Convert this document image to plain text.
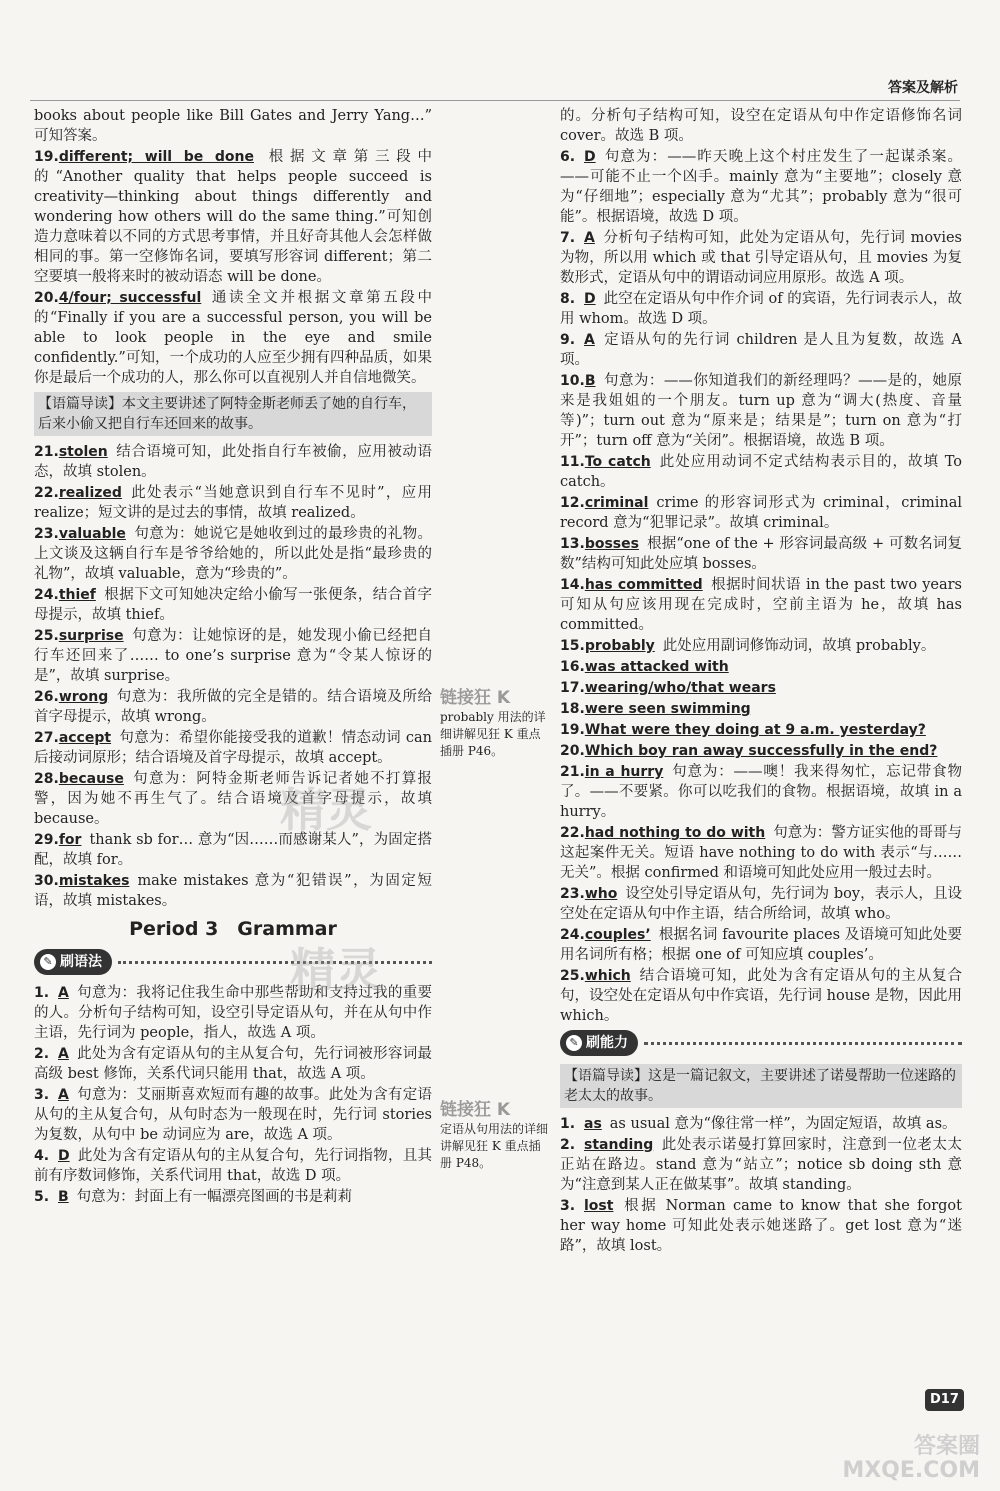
答案及解析
books about people like Bill Gates and Jerry Yang…” 可知答案。
19.different; will be done 根据文章第三段中的“Another quality that helps people succeed is creativity—thinking about things differently and wondering how others will do the same thing.”可知创造力意味着以不同的方式思考事情，并且好奇其他人会怎样做相同的事。第一空修饰名词，要填写形容词 different；第二空要填一般将来时的被动语态 will be done。
20.4/four; successful 通读全文并根据文章第五段中的“Finally if you are a successful person, you will be able to look people in the eye and smile confidently.”可知，一个成功的人应至少拥有四种品质，如果你是最后一个成功的人，那么你可以直视别人并自信地微笑。
【语篇导读】本文主要讲述了阿特金斯老师丢了她的自行车，后来小偷又把自行车还回来的故事。
21.stolen 结合语境可知，此处指自行车被偷，应用被动语态，故填 stolen。
22.realized 此处表示“当她意识到自行车不见时”，应用 realize；短文讲的是过去的事情，故填 realized。
23.valuable 句意为：她说它是她收到过的最珍贵的礼物。上文谈及这辆自行车是爷爷给她的，所以此处是指“最珍贵的礼物”，故填 valuable，意为“珍贵的”。
24.thief 根据下文可知她决定给小偷写一张便条，结合首字母提示，故填 thief。
25.surprise 句意为：让她惊讶的是，她发现小偷已经把自行车还回来了…… to one’s surprise 意为“令某人惊讶的是”，故填 surprise。
26.wrong 句意为：我所做的完全是错的。结合语境及所给首字母提示，故填 wrong。
27.accept 句意为：希望你能接受我的道歉！情态动词 can 后接动词原形；结合语境及首字母提示，故填 accept。
28.because 句意为：阿特金斯老师告诉记者她不打算报警，因为她不再生气了。结合语境及首字母提示，故填 because。
29.for thank sb for… 意为“因……而感谢某人”，为固定搭配，故填 for。
30.mistakes make mistakes 意为“犯错误”，为固定短语，故填 mistakes。
Period 3　Grammar
✎ 刷语法
1. A 句意为：我将记住我生命中那些帮助和支持过我的重要的人。分析句子结构可知，设空引导定语从句，并在从句中作主语，先行词为 people，指人，故选 A 项。
2. A 此处为含有定语从句的主从复合句，先行词被形容词最高级 best 修饰，关系代词只能用 that，故选 A 项。
3. A 句意为：艾丽斯喜欢短而有趣的故事。此处为含有定语从句的主从复合句，从句时态为一般现在时，先行词 stories 为复数，从句中 be 动词应为 are，故选 A 项。
4. D 此处为含有定语从句的主从复合句，先行词指物，且其前有序数词修饰，关系代词用 that，故选 D 项。
5. B 句意为：封面上有一幅漂亮图画的书是莉莉
链接狂 K
probably 用法的详细讲解见狂 K 重点插册 P46。
链接狂 K
定语从句用法的详细讲解见狂 K 重点插册 P48。
的。分析句子结构可知，设空在定语从句中作定语修饰名词 cover。故选 B 项。
6. D 句意为：——昨天晚上这个村庄发生了一起谋杀案。——可能不止一个凶手。mainly 意为“主要地”；closely 意为“仔细地”；especially 意为“尤其”；probably 意为“很可能”。根据语境，故选 D 项。
7. A 分析句子结构可知，此处为定语从句，先行词 movies 为物，所以用 which 或 that 引导定语从句，且 movies 为复数形式，定语从句中的谓语动词应用原形。故选 A 项。
8. D 此空在定语从句中作介词 of 的宾语，先行词表示人，故用 whom。故选 D 项。
9. A 定语从句的先行词 children 是人且为复数，故选 A 项。
10.B 句意为：——你知道我们的新经理吗？——是的，她原来是我姐姐的一个朋友。turn up 意为“调大(热度、音量等)”；turn out 意为“原来是；结果是”；turn on 意为“打开”；turn off 意为“关闭”。根据语境，故选 B 项。
11.To catch 此处应用动词不定式结构表示目的，故填 To catch。
12.criminal crime 的形容词形式为 criminal，criminal record 意为“犯罪记录”。故填 criminal。
13.bosses 根据“one of the + 形容词最高级 + 可数名词复数”结构可知此处应填 bosses。
14.has committed 根据时间状语 in the past two years 可知从句应该用现在完成时，空前主语为 he，故填 has committed。
15.probably 此处应用副词修饰动词，故填 probably。
16.was attacked with
17.wearing/who/that wears
18.were seen swimming
19.What were they doing at 9 a.m. yesterday?
20.Which boy ran away successfully in the end?
21.in a hurry 句意为：——噢！我来得匆忙，忘记带食物了。——不要紧。你可以吃我们的食物。根据语境，故填 in a hurry。
22.had nothing to do with 句意为：警方证实他的哥哥与这起案件无关。短语 have nothing to do with 表示“与……无关”。根据 confirmed 和语境可知此处应用一般过去时。
23.who 设空处引导定语从句，先行词为 boy，表示人，且设空处在定语从句中作主语，结合所给词，故填 who。
24.couples’ 根据名词 favourite places 及语境可知此处要用名词所有格；根据 one of 可知应填 couples’。
25.which 结合语境可知，此处为含有定语从句的主从复合句，设空处在定语从句中作宾语，先行词 house 是物，因此用 which。
✎ 刷能力
【语篇导读】这是一篇记叙文，主要讲述了诺曼帮助一位迷路的老太太的故事。
1. as as usual 意为“像往常一样”，为固定短语，故填 as。
2. standing 此处表示诺曼打算回家时，注意到一位老太太正站在路边。stand 意为“站立”；notice sb doing sth 意为“注意到某人正在做某事”。故填 standing。
3. lost 根据 Norman came to know that she forgot her way home 可知此处表示她迷路了。get lost 意为“迷路”，故填 lost。
精灵
精灵
D17
答案圈
MXQE.COM
